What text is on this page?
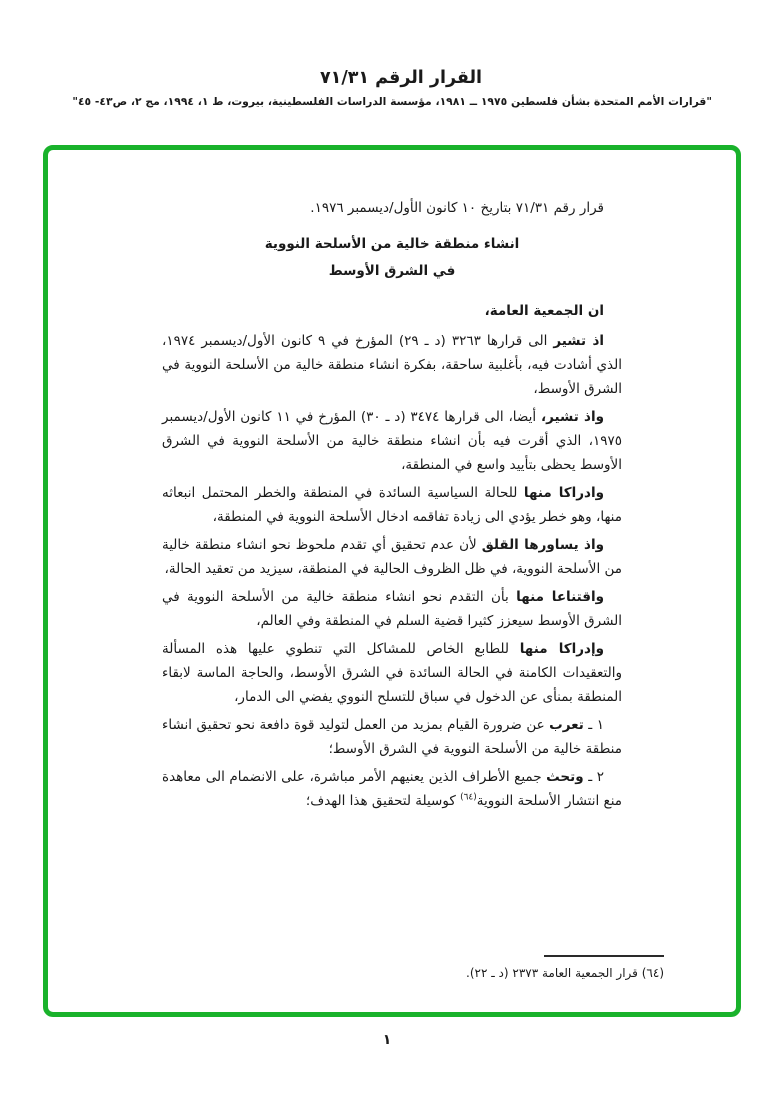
القرار الرقم ٧١/٣١
"قرارات الأمم المتحدة بشأن فلسطين ١٩٧٥ ــ ١٩٨١، مؤسسة الدراسات الفلسطينية، بيروت، ط ١، ١٩٩٤، مج ٢، ص٤٣- ٤٥"

قرار رقم ٧١/٣١ بتاريخ ١٠ كانون الأول/ديسمبر ١٩٧٦.

انشاء منطقة خالية من الأسلحة النووية

في الشرق الأوسط

ان الجمعية العامة،

اذ تشير الى قرارها ٣٢٦٣ (د ـ ٢٩) المؤرخ في ٩ كانون الأول/ديسمبر ١٩٧٤، الذي أشادت فيه، بأغلبية ساحقة، بفكرة انشاء منطقة خالية من الأسلحة النووية في الشرق الأوسط،

واذ تشير، أيضا، الى قرارها ٣٤٧٤ (د ـ ٣٠) المؤرخ في ١١ كانون الأول/ديسمبر ١٩٧٥، الذي أقرت فيه بأن انشاء منطقة خالية من الأسلحة النووية في الشرق الأوسط يحظى بتأييد واسع في المنطقة،

وادراكا منها للحالة السياسية السائدة في المنطقة والخطر المحتمل انبعاثه منها، وهو خطر يؤدي الى زيادة تفاقمه ادخال الأسلحة النووية في المنطقة،

واذ يساورها القلق لأن عدم تحقيق أي تقدم ملحوظ نحو انشاء منطقة خالية من الأسلحة النووية، في ظل الظروف الحالية في المنطقة، سيزيد من تعقيد الحالة،

واقتناعا منها بأن التقدم نحو انشاء منطقة خالية من الأسلحة النووية في الشرق الأوسط سيعزز كثيرا قضية السلم في المنطقة وفي العالم،

وإدراكا منها للطابع الخاص للمشاكل التي تنطوي عليها هذه المسألة والتعقيدات الكامنة في الحالة السائدة في الشرق الأوسط، والحاجة الماسة لابقاء المنطقة بمنأى عن الدخول في سباق للتسلح النووي يفضي الى الدمار،

١ ـ تعرب عن ضرورة القيام بمزيد من العمل لتوليد قوة دافعة نحو تحقيق انشاء منطقة خالية من الأسلحة النووية في الشرق الأوسط؛

٢ ـ وتحث جميع الأطراف الذين يعنيهم الأمر مباشرة، على الانضمام الى معاهدة منع انتشار الأسلحة النووية$^{(٦٤)}$ كوسيلة لتحقيق هذا الهدف؛

(٦٤) قرار الجمعية العامة ٢٣٧٣ (د ـ ٢٢).

١
